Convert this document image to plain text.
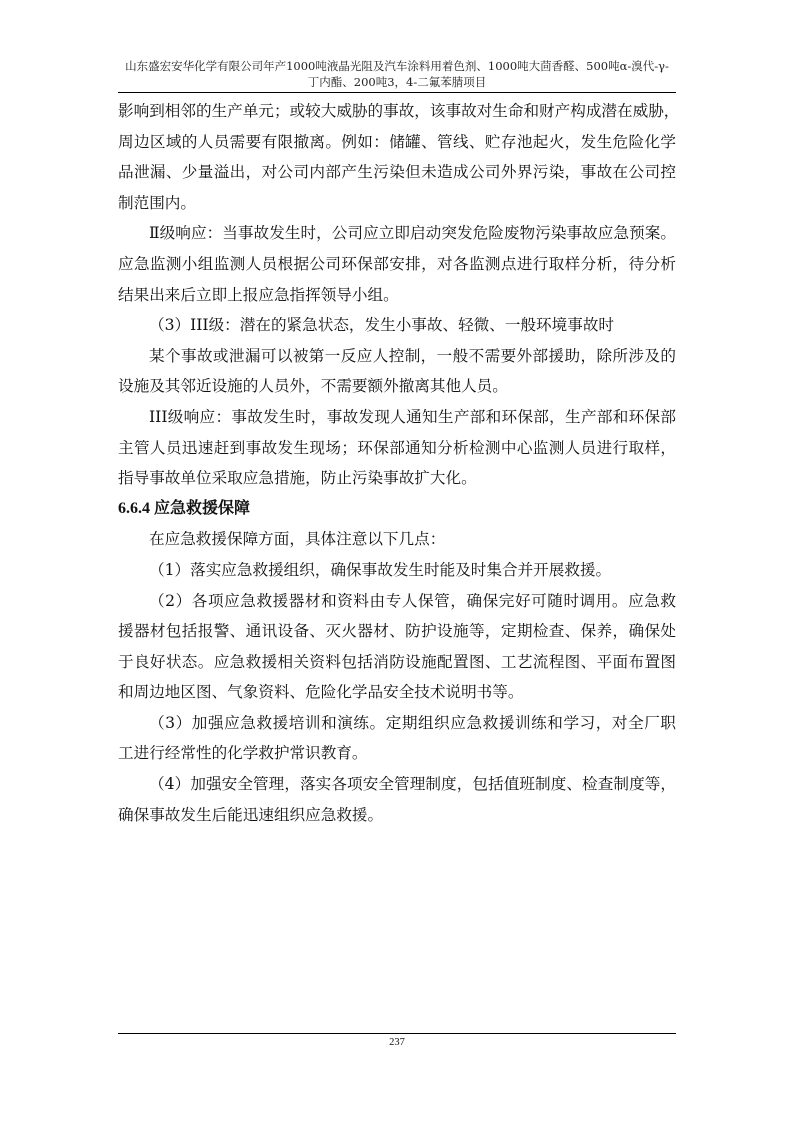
山东盛宏安华化学有限公司年产1000吨液晶光阻及汽车涂料用着色剂、1000吨大茴香醛、500吨α-溴代-γ-
丁内酯、200吨3，4-二氟苯腈项目
影响到相邻的生产单元；或较大威胁的事故，该事故对生命和财产构成潜在威胁，
周边区域的人员需要有限撤离。例如：储罐、管线、贮存池起火，发生危险化学
品泄漏、少量溢出，对公司内部产生污染但未造成公司外界污染，事故在公司控
制范围内。
Ⅱ级响应：当事故发生时，公司应立即启动突发危险废物污染事故应急预案。
应急监测小组监测人员根据公司环保部安排，对各监测点进行取样分析，待分析
结果出来后立即上报应急指挥领导小组。
（3）III级：潜在的紧急状态，发生小事故、轻微、一般环境事故时
某个事故或泄漏可以被第一反应人控制，一般不需要外部援助，除所涉及的
设施及其邻近设施的人员外，不需要额外撤离其他人员。
III级响应：事故发生时，事故发现人通知生产部和环保部，生产部和环保部
主管人员迅速赶到事故发生现场；环保部通知分析检测中心监测人员进行取样，
指导事故单位采取应急措施，防止污染事故扩大化。
6.6.4 应急救援保障
在应急救援保障方面，具体注意以下几点：
（1）落实应急救援组织，确保事故发生时能及时集合并开展救援。
（2）各项应急救援器材和资料由专人保管，确保完好可随时调用。应急救
援器材包括报警、通讯设备、灭火器材、防护设施等，定期检查、保养，确保处
于良好状态。应急救援相关资料包括消防设施配置图、工艺流程图、平面布置图
和周边地区图、气象资料、危险化学品安全技术说明书等。
（3）加强应急救援培训和演练。定期组织应急救援训练和学习，对全厂职
工进行经常性的化学救护常识教育。
（4）加强安全管理，落实各项安全管理制度，包括值班制度、检查制度等，
确保事故发生后能迅速组织应急救援。
237
